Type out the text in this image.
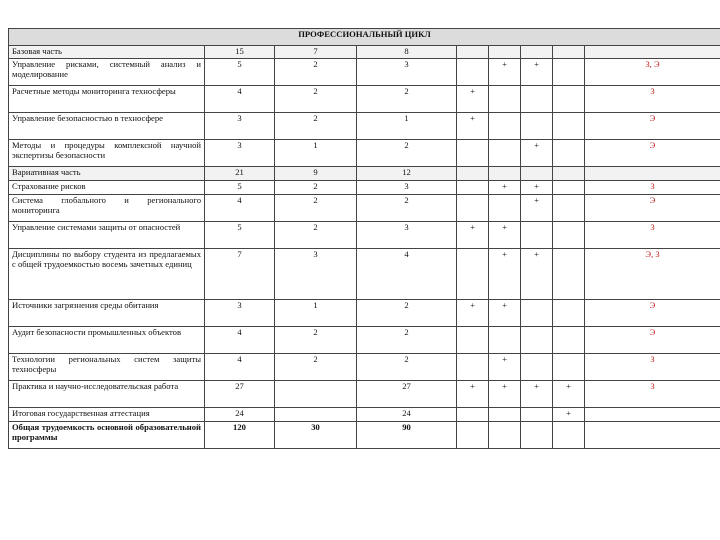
ПРОФЕССИОНАЛЬНЫЙ ЦИКЛ								
Базовая часть	15	7	8					
Управление рисками, системный анализ и моделирование	5	2	3		+	+		З, Э
Расчетные методы мониторинга техносферы	4	2	2	+				З
Управление безопасностью в техносфере	3	2	1	+				Э
Методы и процедуры комплексной научной экспертизы безопасности	3	1	2			+		Э
Вариативная часть	21	9	12					
Страхование рисков	5	2	3		+	+		З
Система глобального и регионального мониторинга	4	2	2			+		Э
Управление системами защиты от опасностей	5	2	3	+	+			З
Дисциплины по выбору студента из предлагаемых с общей трудоемкостью восемь зачетных единиц	7	3	4		+	+		Э, З
Источники загрязнения среды обитания	3	1	2	+	+			Э
Аудит безопасности промышленных объектов	4	2	2					Э
Технологии региональных систем защиты техносферы	4	2	2		+			З
Практика и научно-исследовательская работа	27		27	+	+	+	+	З
Итоговая государственная аттестация	24		24				+	
Общая трудоемкость основной образовательной программы	120	30	90					
